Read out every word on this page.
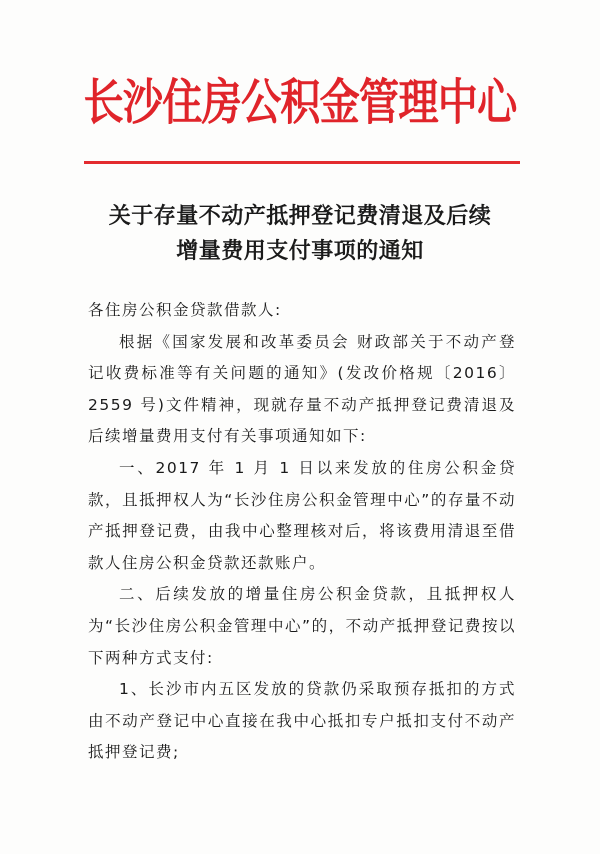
长沙住房公积金管理中心
关于存量不动产抵押登记费清退及后续
增量费用支付事项的通知

各住房公积金贷款借款人:

根据《国家发展和改革委员会 财政部关于不动产登记收费标准等有关问题的通知》(发改价格规〔2016〕2559 号)文件精神，现就存量不动产抵押登记费清退及后续增量费用支付有关事项通知如下:

一、2017 年 1 月 1 日以来发放的住房公积金贷款，且抵押权人为“长沙住房公积金管理中心”的存量不动产抵押登记费，由我中心整理核对后，将该费用清退至借款人住房公积金贷款还款账户。

二、后续发放的增量住房公积金贷款，且抵押权人为“长沙住房公积金管理中心”的，不动产抵押登记费按以下两种方式支付:

1、长沙市内五区发放的贷款仍采取预存抵扣的方式由不动产登记中心直接在我中心抵扣专户抵扣支付不动产抵押登记费;
